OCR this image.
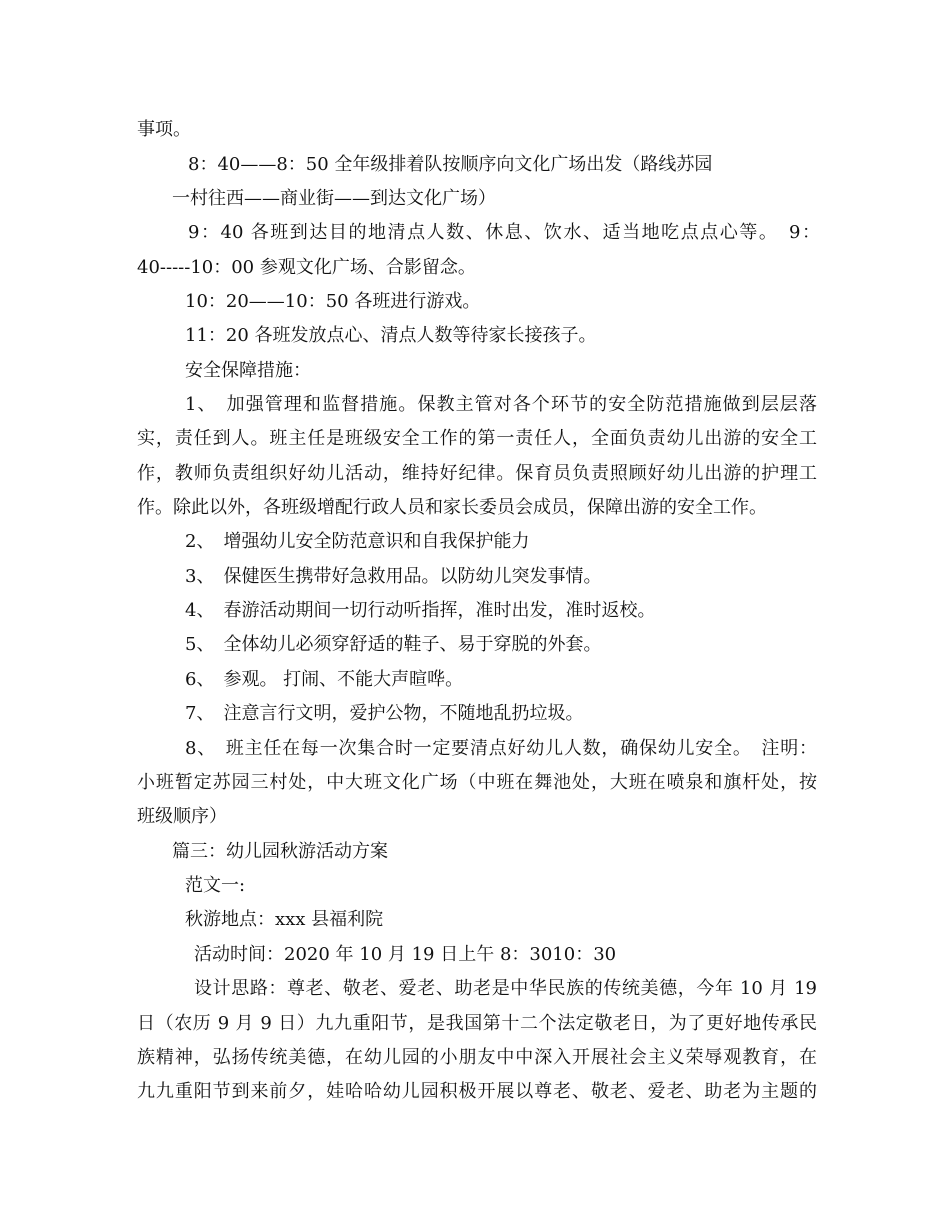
事项。
8：40——8：50 全年级排着队按顺序向文化广场出发（路线苏园
一村往西——商业街——到达文化广场）
9：40 各班到达目的地清点人数、休息、饮水、适当地吃点点心等。　9：
40-----10：00 参观文化广场、合影留念。
10：20——10：50 各班进行游戏。
11：20 各班发放点心、清点人数等待家长接孩子。
安全保障措施：
1、　加强管理和监督措施。保教主管对各个环节的安全防范措施做到层层落
实，责任到人。班主任是班级安全工作的第一责任人，全面负责幼儿出游的安全工
作，教师负责组织好幼儿活动，维持好纪律。保育员负责照顾好幼儿出游的护理工
作。除此以外，各班级增配行政人员和家长委员会成员，保障出游的安全工作。
2、　增强幼儿安全防范意识和自我保护能力
3、　保健医生携带好急救用品。以防幼儿突发事情。
4、　春游活动期间一切行动听指挥，准时出发，准时返校。
5、　全体幼儿必须穿舒适的鞋子、易于穿脱的外套。
6、　参观。 打闹、不能大声暄哗。
7、　注意言行文明，爱护公物，不随地乱扔垃圾。
8、　班主任在每一次集合时一定要清点好幼儿人数，确保幼儿安全。　注明：
小班暂定苏园三村处，中大班文化广场（中班在舞池处，大班在喷泉和旗杆处，按
班级顺序）
篇三：幼儿园秋游活动方案
范文一:
秋游地点：xxx 县福利院
活动时间：2020 年 10 月 19 日上午 8：3010：30
设计思路：尊老、敬老、爱老、助老是中华民族的传统美德，今年 10 月 19
日（农历 9 月 9 日）九九重阳节，是我国第十二个法定敬老日，为了更好地传承民
族精神，弘扬传统美德，在幼儿园的小朋友中中深入开展社会主义荣辱观教育，在
九九重阳节到来前夕，娃哈哈幼儿园积极开展以尊老、敬老、爱老、助老为主题的
